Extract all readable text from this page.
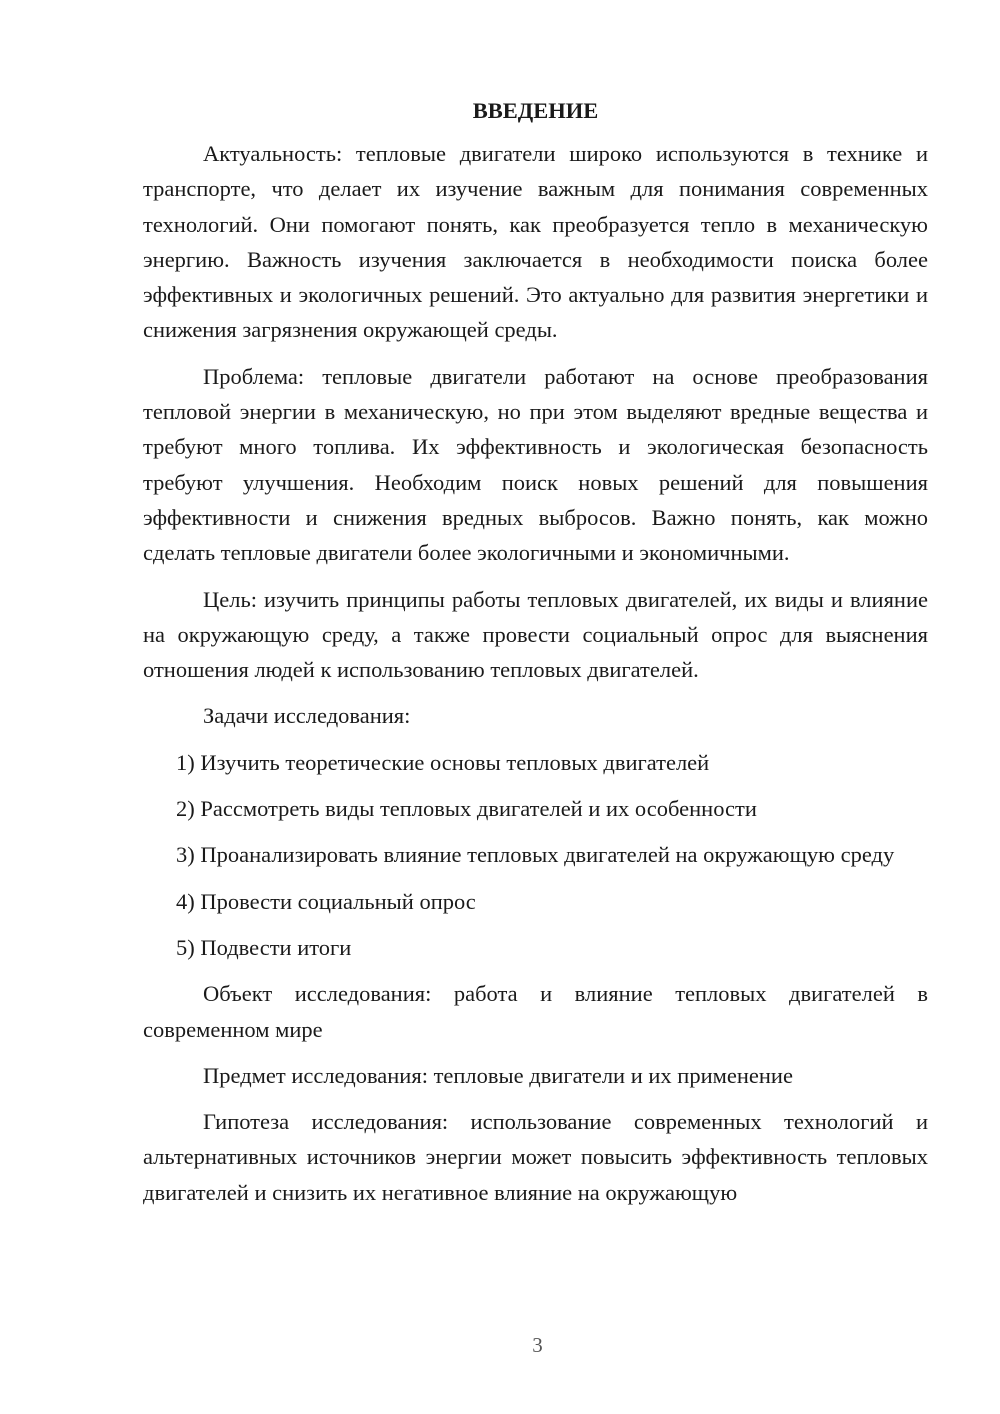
ВВЕДЕНИЕ

Актуальность: тепловые двигатели широко используются в технике и транспорте, что делает их изучение важным для понимания современных технологий. Они помогают понять, как преобразуется тепло в механическую энергию. Важность изучения заключается в необходимости поиска более эффективных и экологичных решений. Это актуально для развития энергетики и снижения загрязнения окружающей среды.

Проблема: тепловые двигатели работают на основе преобразования тепловой энергии в механическую, но при этом выделяют вредные вещества и требуют много топлива. Их эффективность и экологическая безопасность требуют улучшения. Необходим поиск новых решений для повышения эффективности и снижения вредных выбросов. Важно понять, как можно сделать тепловые двигатели более экологичными и экономичными.

Цель: изучить принципы работы тепловых двигателей, их виды и влияние на окружающую среду, а также провести социальный опрос для выяснения отношения людей к использованию тепловых двигателей.

Задачи исследования:

1) Изучить теоретические основы тепловых двигателей

2) Рассмотреть виды тепловых двигателей и их особенности

3) Проанализировать влияние тепловых двигателей на окружающую среду

4) Провести социальный опрос

5) Подвести итоги

Объект исследования: работа и влияние тепловых двигателей в современном мире

Предмет исследования: тепловые двигатели и их применение

Гипотеза исследования: использование современных технологий и альтернативных источников энергии может повысить эффективность тепловых двигателей и снизить их негативное влияние на окружающую

3
